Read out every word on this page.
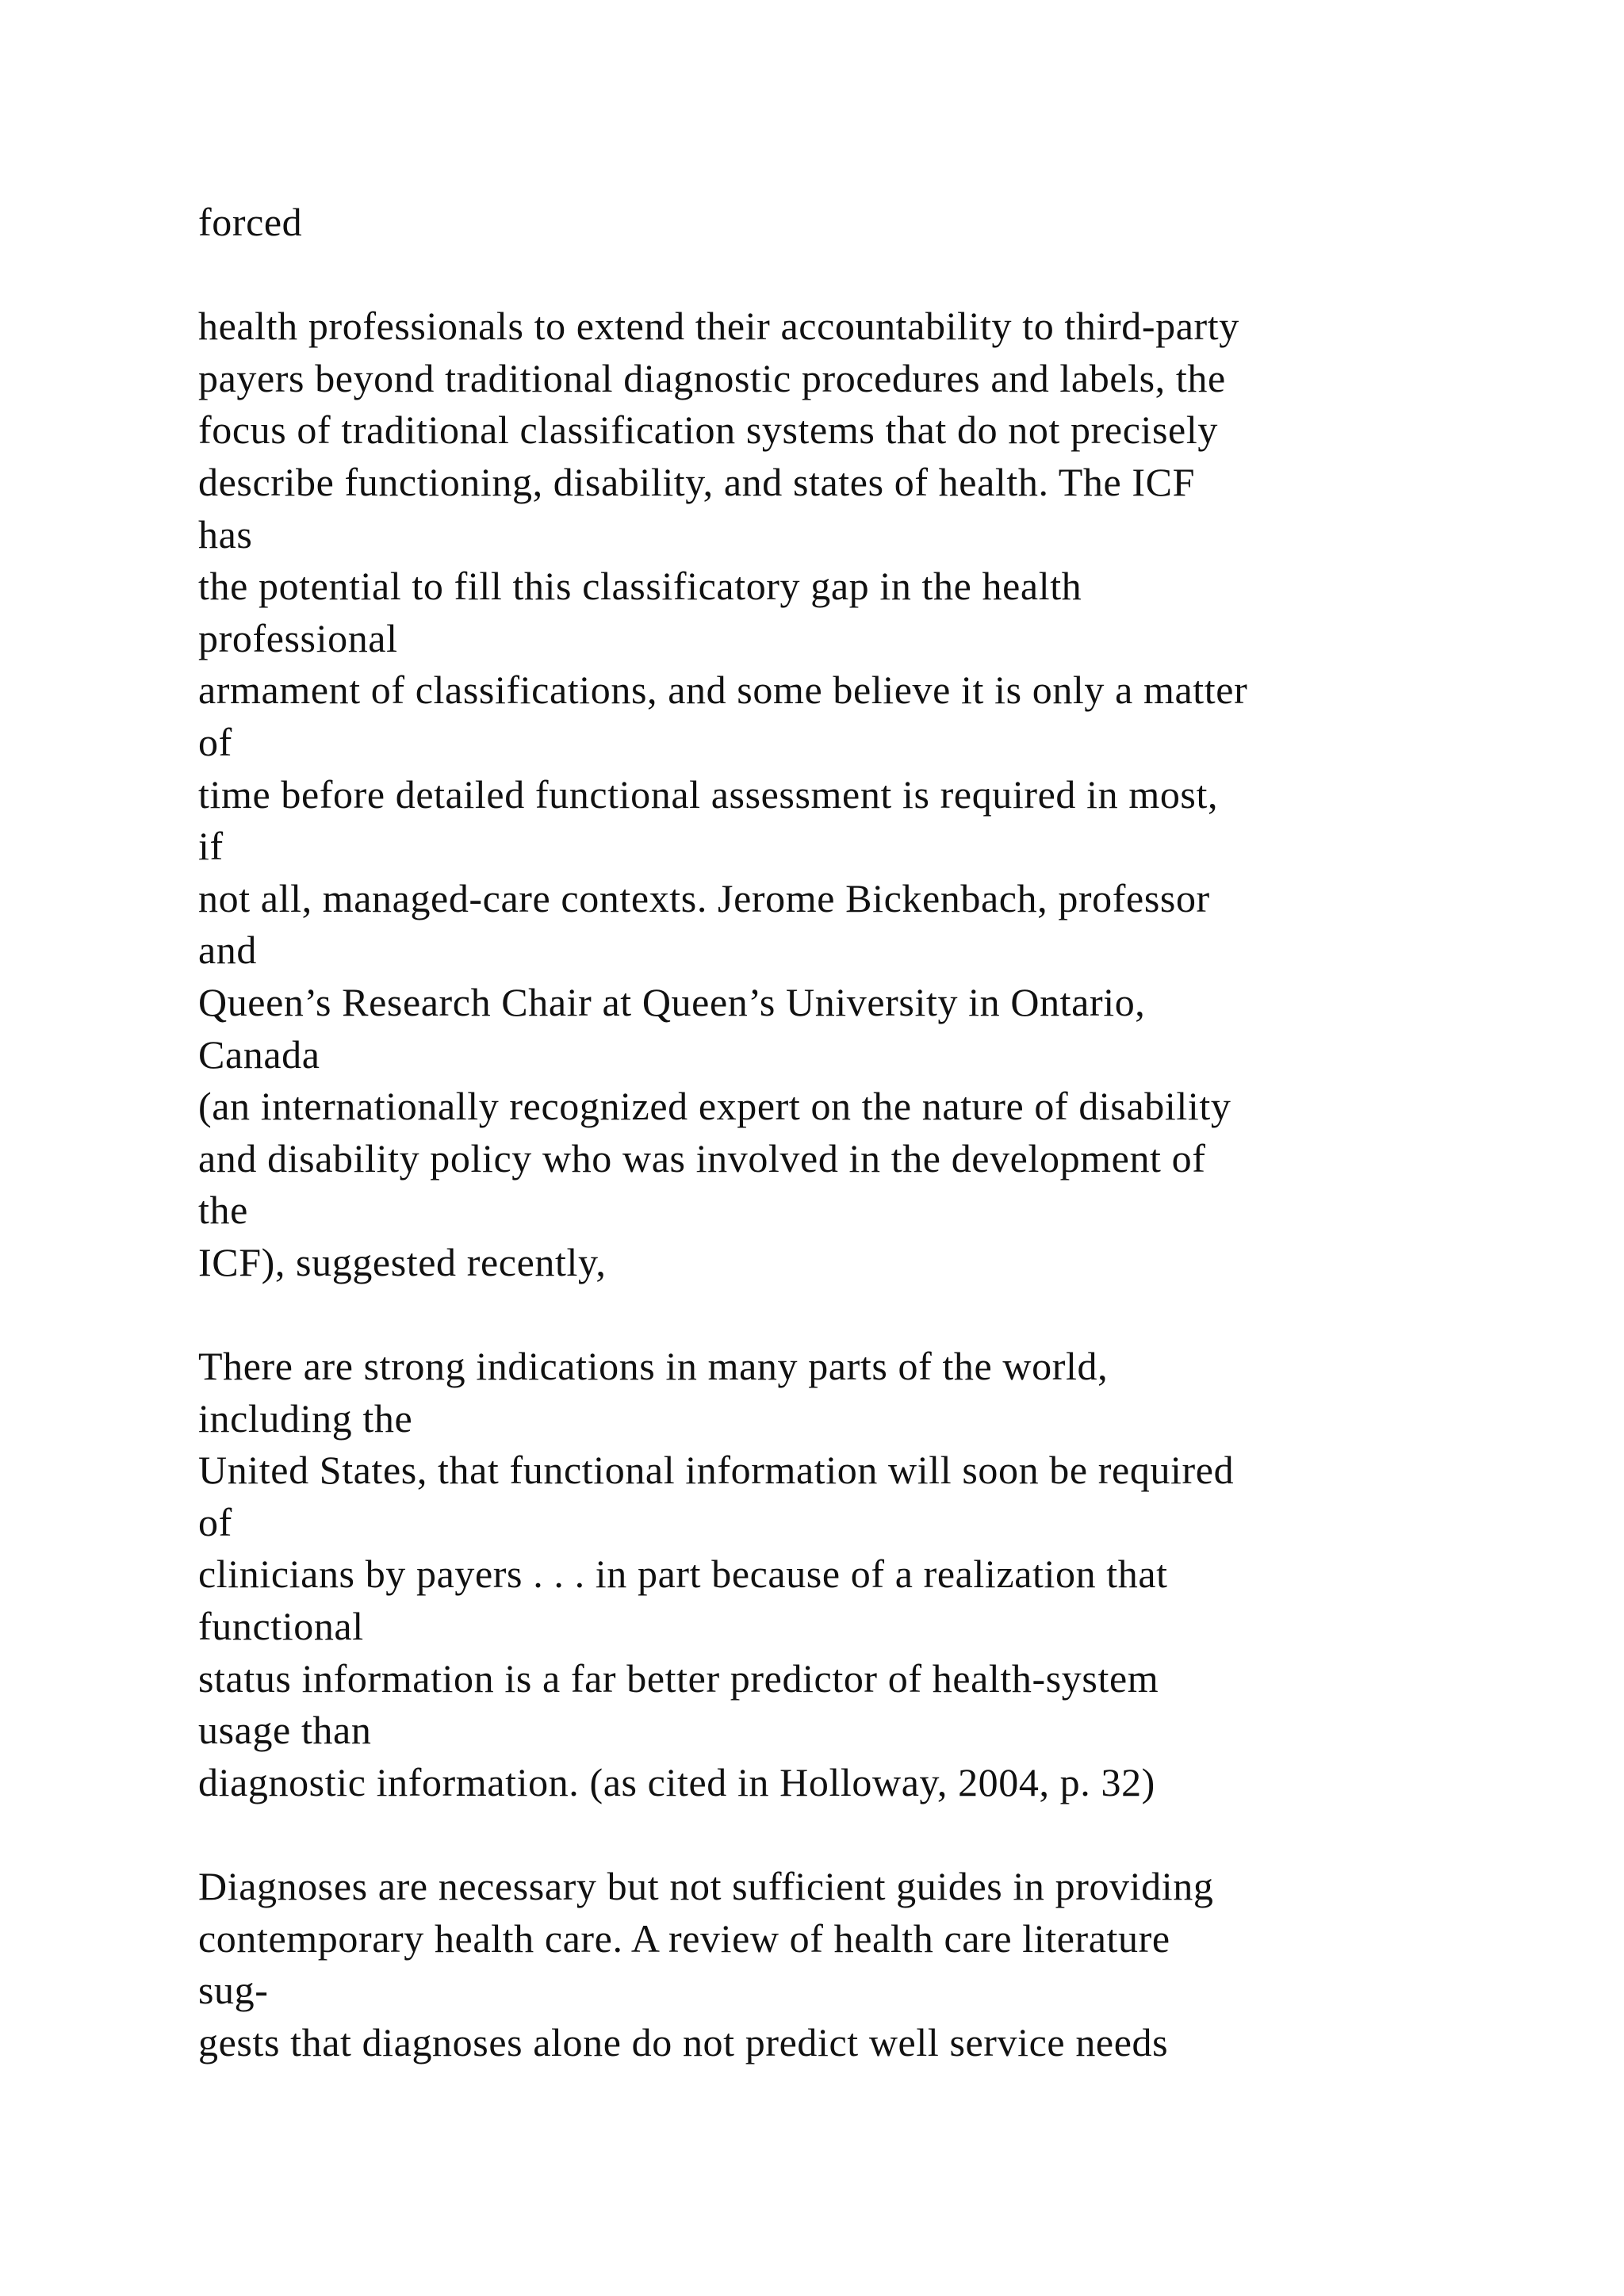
forced
health professionals to extend their accountability to third-party
payers beyond traditional diagnostic procedures and labels, the
focus of traditional classification systems that do not precisely
describe functioning, disability, and states of health. The ICF
has
the potential to fill this classificatory gap in the health
professional
armament of classifications, and some believe it is only a matter
of
time before detailed functional assessment is required in most,
if
not all, managed-care contexts. Jerome Bickenbach, professor
and
Queen’s Research Chair at Queen’s University in Ontario,
Canada
(an internationally recognized expert on the nature of disability
and disability policy who was involved in the development of
the
ICF), suggested recently,
There are strong indications in many parts of the world,
including the
United States, that functional information will soon be required
of
clinicians by payers . . . in part because of a realization that
functional
status information is a far better predictor of health-system
usage than
diagnostic information. (as cited in Holloway, 2004, p. 32)
Diagnoses are necessary but not sufficient guides in providing
contemporary health care. A review of health care literature
sug-
gests that diagnoses alone do not predict well service needs
